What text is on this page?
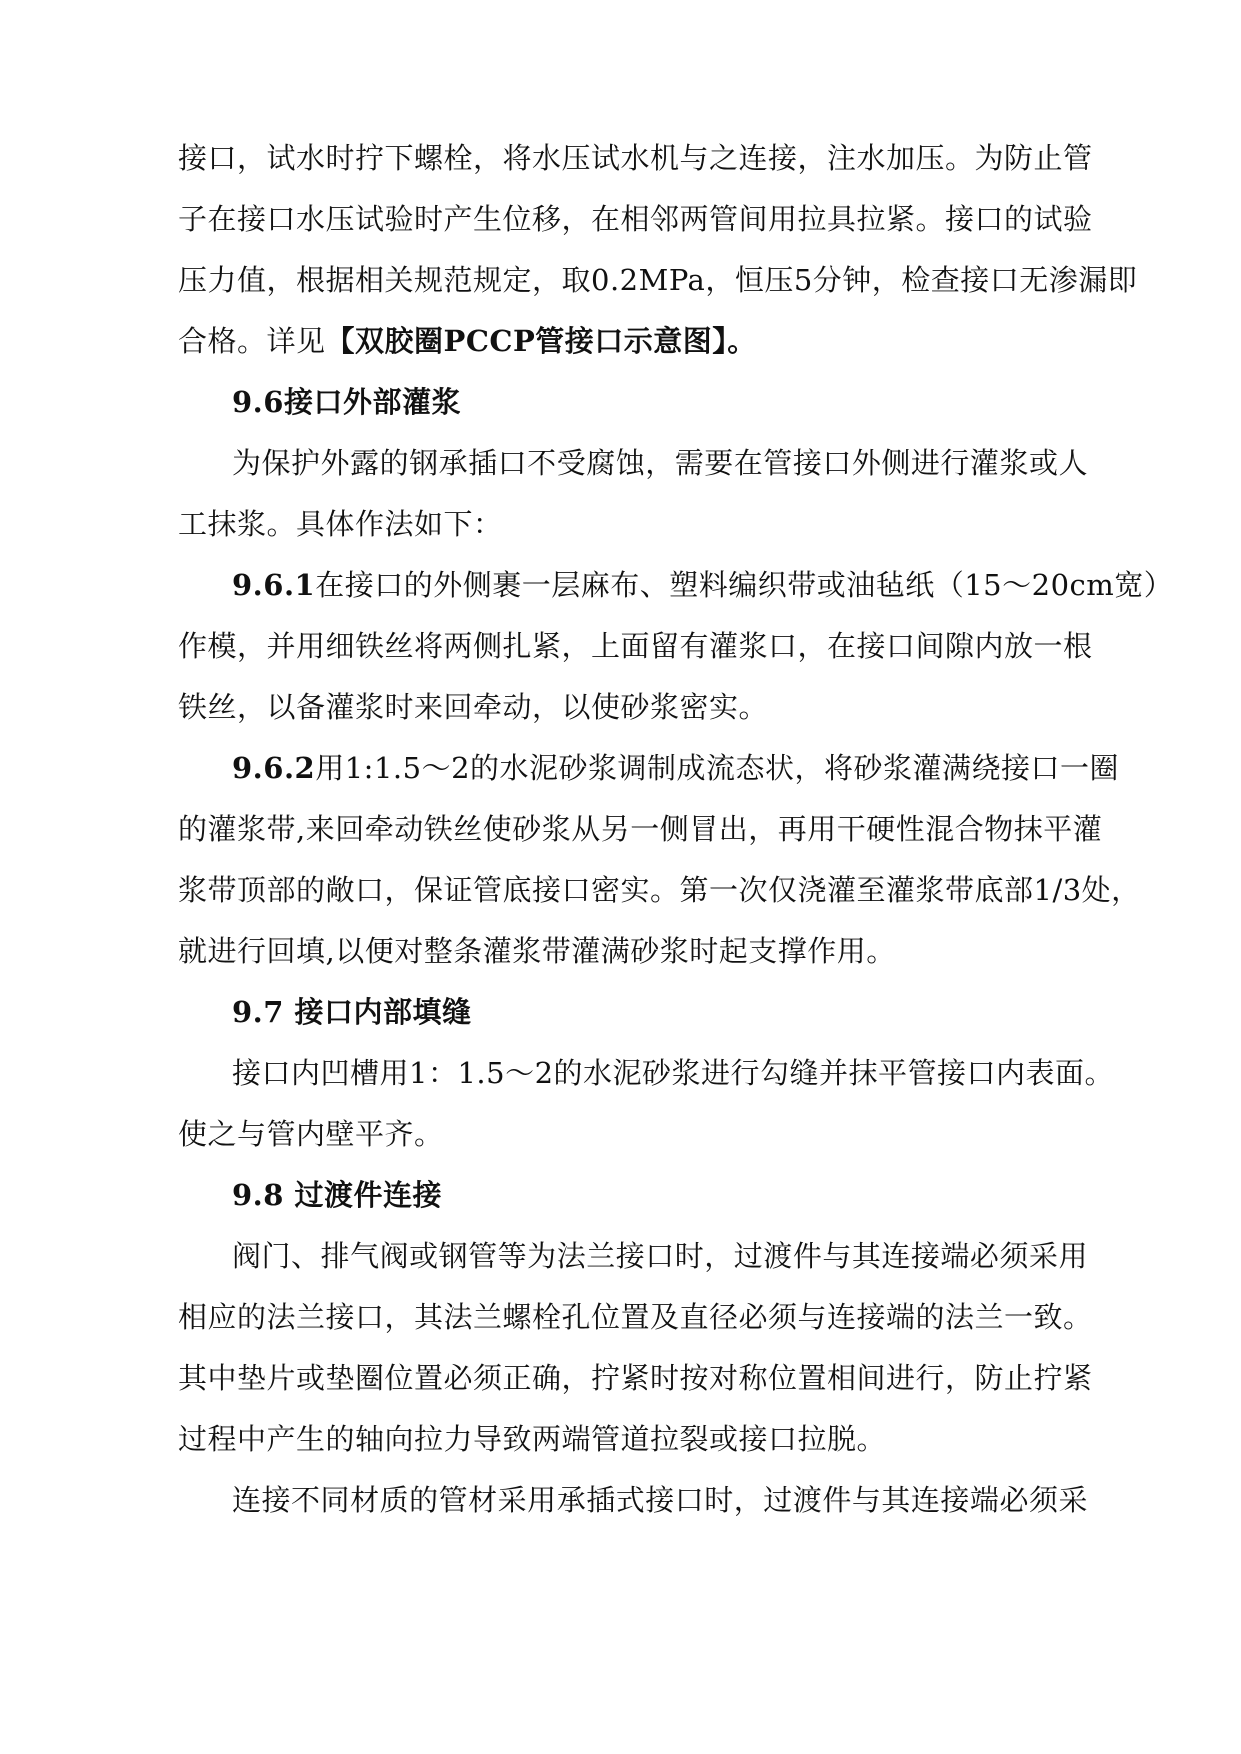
接口，试水时拧下螺栓，将水压试水机与之连接，注水加压。为防止管
子在接口水压试验时产生位移，在相邻两管间用拉具拉紧。接口的试验
压力值，根据相关规范规定，取0.2MPa，恒压5分钟，检查接口无渗漏即
合格。详见【双胶圈PCCP管接口示意图】。
9.6接口外部灌浆
为保护外露的钢承插口不受腐蚀，需要在管接口外侧进行灌浆或人
工抹浆。具体作法如下：
9.6.1在接口的外侧裹一层麻布、塑料编织带或油毡纸（15～20cm宽）
作模，并用细铁丝将两侧扎紧，上面留有灌浆口，在接口间隙内放一根
铁丝，以备灌浆时来回牵动，以使砂浆密实。
9.6.2用1:1.5～2的水泥砂浆调制成流态状，将砂浆灌满绕接口一圈
的灌浆带,来回牵动铁丝使砂浆从另一侧冒出，再用干硬性混合物抹平灌
浆带顶部的敞口，保证管底接口密实。第一次仅浇灌至灌浆带底部1/3处，
就进行回填,以便对整条灌浆带灌满砂浆时起支撑作用。
9.7 接口内部填缝
接口内凹槽用1：1.5～2的水泥砂浆进行勾缝并抹平管接口内表面。
使之与管内壁平齐。
9.8 过渡件连接
阀门、排气阀或钢管等为法兰接口时，过渡件与其连接端必须采用
相应的法兰接口，其法兰螺栓孔位置及直径必须与连接端的法兰一致。
其中垫片或垫圈位置必须正确，拧紧时按对称位置相间进行，防止拧紧
过程中产生的轴向拉力导致两端管道拉裂或接口拉脱。
连接不同材质的管材采用承插式接口时，过渡件与其连接端必须采
